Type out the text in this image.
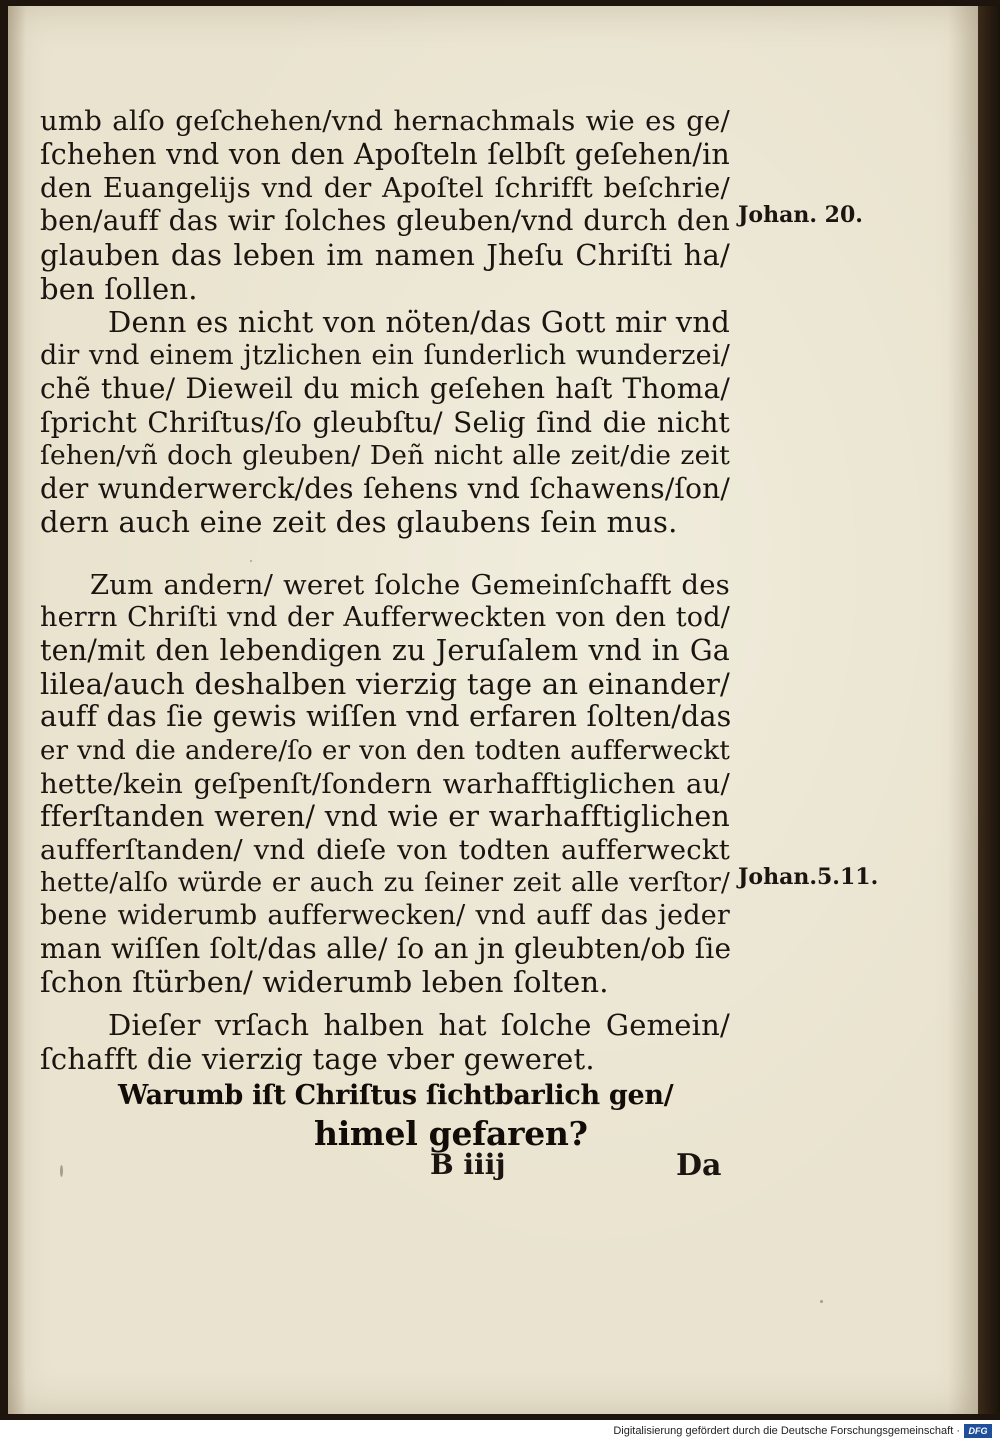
umb alſo geſchehen/vnd hernachmals wie es ge/
ſchehen vnd von den Apoſteln ſelbſt geſehen/in
den Euangelijs vnd der Apoſtel ſchrifft beſchrie/
ben/auff das wir ſolches gleuben/vnd durch den
glauben das leben im namen Jheſu Chriſti ha/
ben ſollen.
Denn es nicht von nöten/das Gott mir vnd
dir vnd einem jtzlichen ein ſunderlich wunderzei/
chẽ thue/ Dieweil du mich geſehen haſt Thoma/
ſpricht Chriſtus/ſo gleubſtu/ Selig ſind die nicht
ſehen/vñ doch gleuben/ Deñ nicht alle zeit/die zeit
der wunderwerck/des ſehens vnd ſchawens/ſon/
dern auch eine zeit des glaubens ſein mus.
Zum andern/ weret ſolche Gemeinſchafft des
herrn Chriſti vnd der Aufferweckten von den tod/
ten/mit den lebendigen zu Jeruſalem vnd in Ga
lilea/auch deshalben vierzig tage an einander/
auff das ſie gewis wiſſen vnd erfaren ſolten/das
er vnd die andere/ſo er von den todten aufferweckt
hette/kein geſpenſt/ſondern warhafftiglichen au/
fferſtanden weren/ vnd wie er warhafftiglichen
aufferſtanden/ vnd dieſe von todten aufferweckt
hette/alſo würde er auch zu ſeiner zeit alle verſtor/
bene widerumb aufferwecken/ vnd auff das jeder
man wiſſen ſolt/das alle/ ſo an jn gleubten/ob ſie
ſchon ſtürben/ widerumb leben ſolten.
Dieſer vrſach halben hat ſolche Gemein/
ſchafft die vierzig tage vber geweret.
Johan. 20.
Johan.5.11.
Warumb iſt Chriſtus ſichtbarlich gen/
himel gefaren?
B iiij	Da
Digitalisierung gefördert durch die Deutsche Forschungsgemeinschaft · DFG
